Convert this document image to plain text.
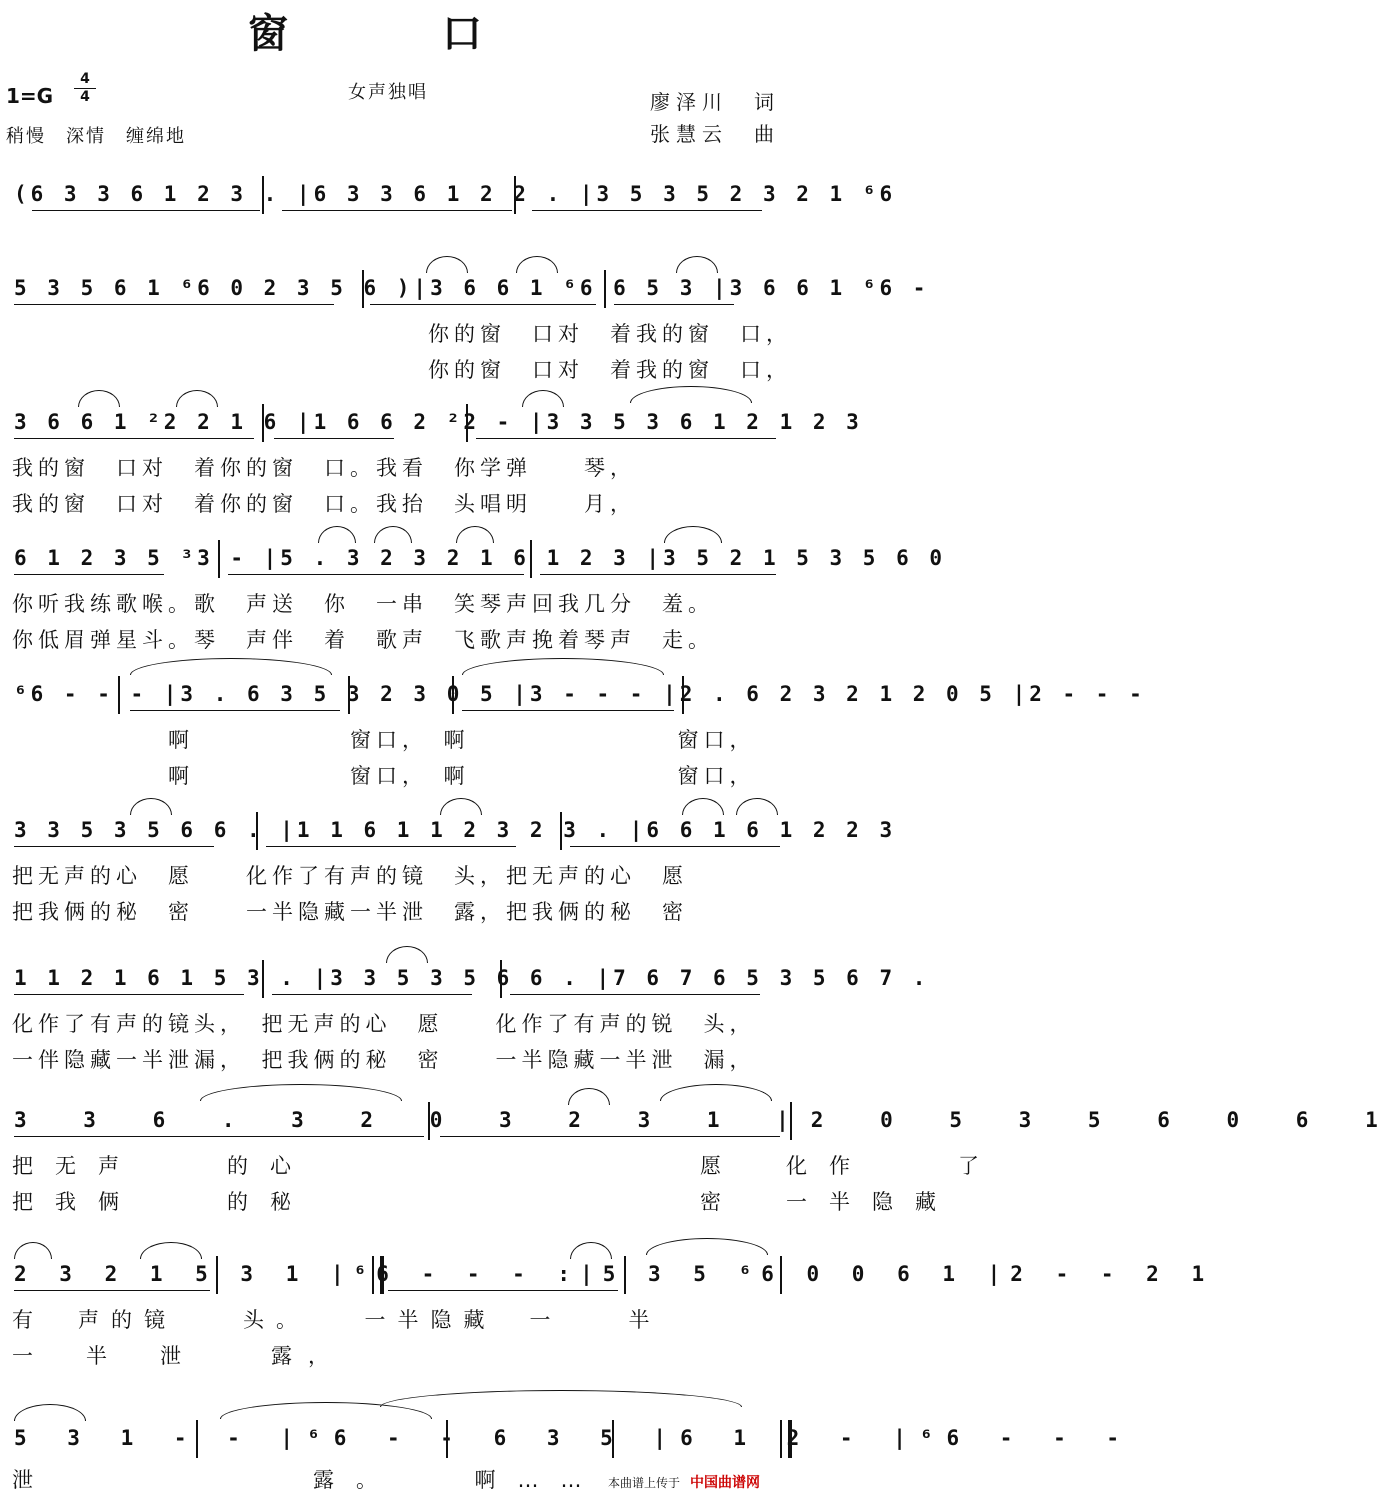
窗 口
1=G
4
4
稍慢　深情　缠绵地
女声独唱	廖泽川　词
张慧云　曲
(6 3 3 6 1 2 3 . |6 3 3 6 1 2 2 . |3 5 3 5 2 3 2 1 ⁶6
5 3 5 6 1 ⁶6 0 2 3 5 6 )|3 6 6 1 ⁶6 6 5 3 |3 6 6 1 ⁶6 -
　　　　　　　　　　　　　　　　你的窗　口对　着我的窗　口，
　　　　　　　　　　　　　　　　你的窗　口对　着我的窗　口，
3 6 6 1 ²2 2 1 6 |1 6 6 2 ²2 - |3 3 5 3 6 1 2 1 2 3
我的窗　口对　着你的窗　口。我看　你学弹　　琴，
我的窗　口对　着你的窗　口。我抬　头唱明　　月，
6 1 2 3 5 ³3 - |5 . 3 2 3 2 1 6 1 2 3 |3 5 2 1 5 3 5 6 0
你听我练歌喉。歌　声送　你　一串　笑琴声回我几分　羞。
你低眉弹星斗。琴　声伴　着　歌声　飞歌声挽着琴声　走。
⁶6 - - - |3 . 6 3 5 3 2 3 0 5 |3 - - - |2 . 6 2 3 2 1 2 0 5 |2 - - -
　　　　　　啊　　　　　　窗口，　啊　　　　　　　　窗口，
　　　　　　啊　　　　　　窗口，　啊　　　　　　　　窗口，
3 3 5 3 5 6 6 . |1 1 6 1 1 2 3 2 3 . |6 6 1 6 1 2 2 3
把无声的心　愿　　化作了有声的镜　头，把无声的心　愿
把我俩的秘　密　　一半隐藏一半泄　露，把我俩的秘　密
1 1 2 1 6 1 5 3 . |3 3 5 3 5 6 6 . |7 6 7 6 5 3 5 6 7 .
化作了有声的镜头，　把无声的心　愿　　化作了有声的锐　头，
一伴隐藏一半泄漏，　把我俩的秘　密　　一半隐藏一半泄　漏，
3 3 6 . 3 2 0 3 2 3 1 |2 0 5 3 5 6 0 6 1
把无声　　的心　　　　　　　　　愿　化作　　了
把我俩　　的秘　　　　　　　　　密　一半隐藏
2 3 2 1 5 3 1 |⁶6 - - - :|5 3 5 ⁶6 0 0 6 1 |2 - - 2 1
有　声的镜　　头。　　一半隐藏　一　　半
一　半　泄　　露，
5 3 1 - - |⁶6 - - 6 3 5 |6 1 2 - |⁶6 - - -
泄　　　　　　露。　　啊…… 本曲谱上传于 中国曲谱网
